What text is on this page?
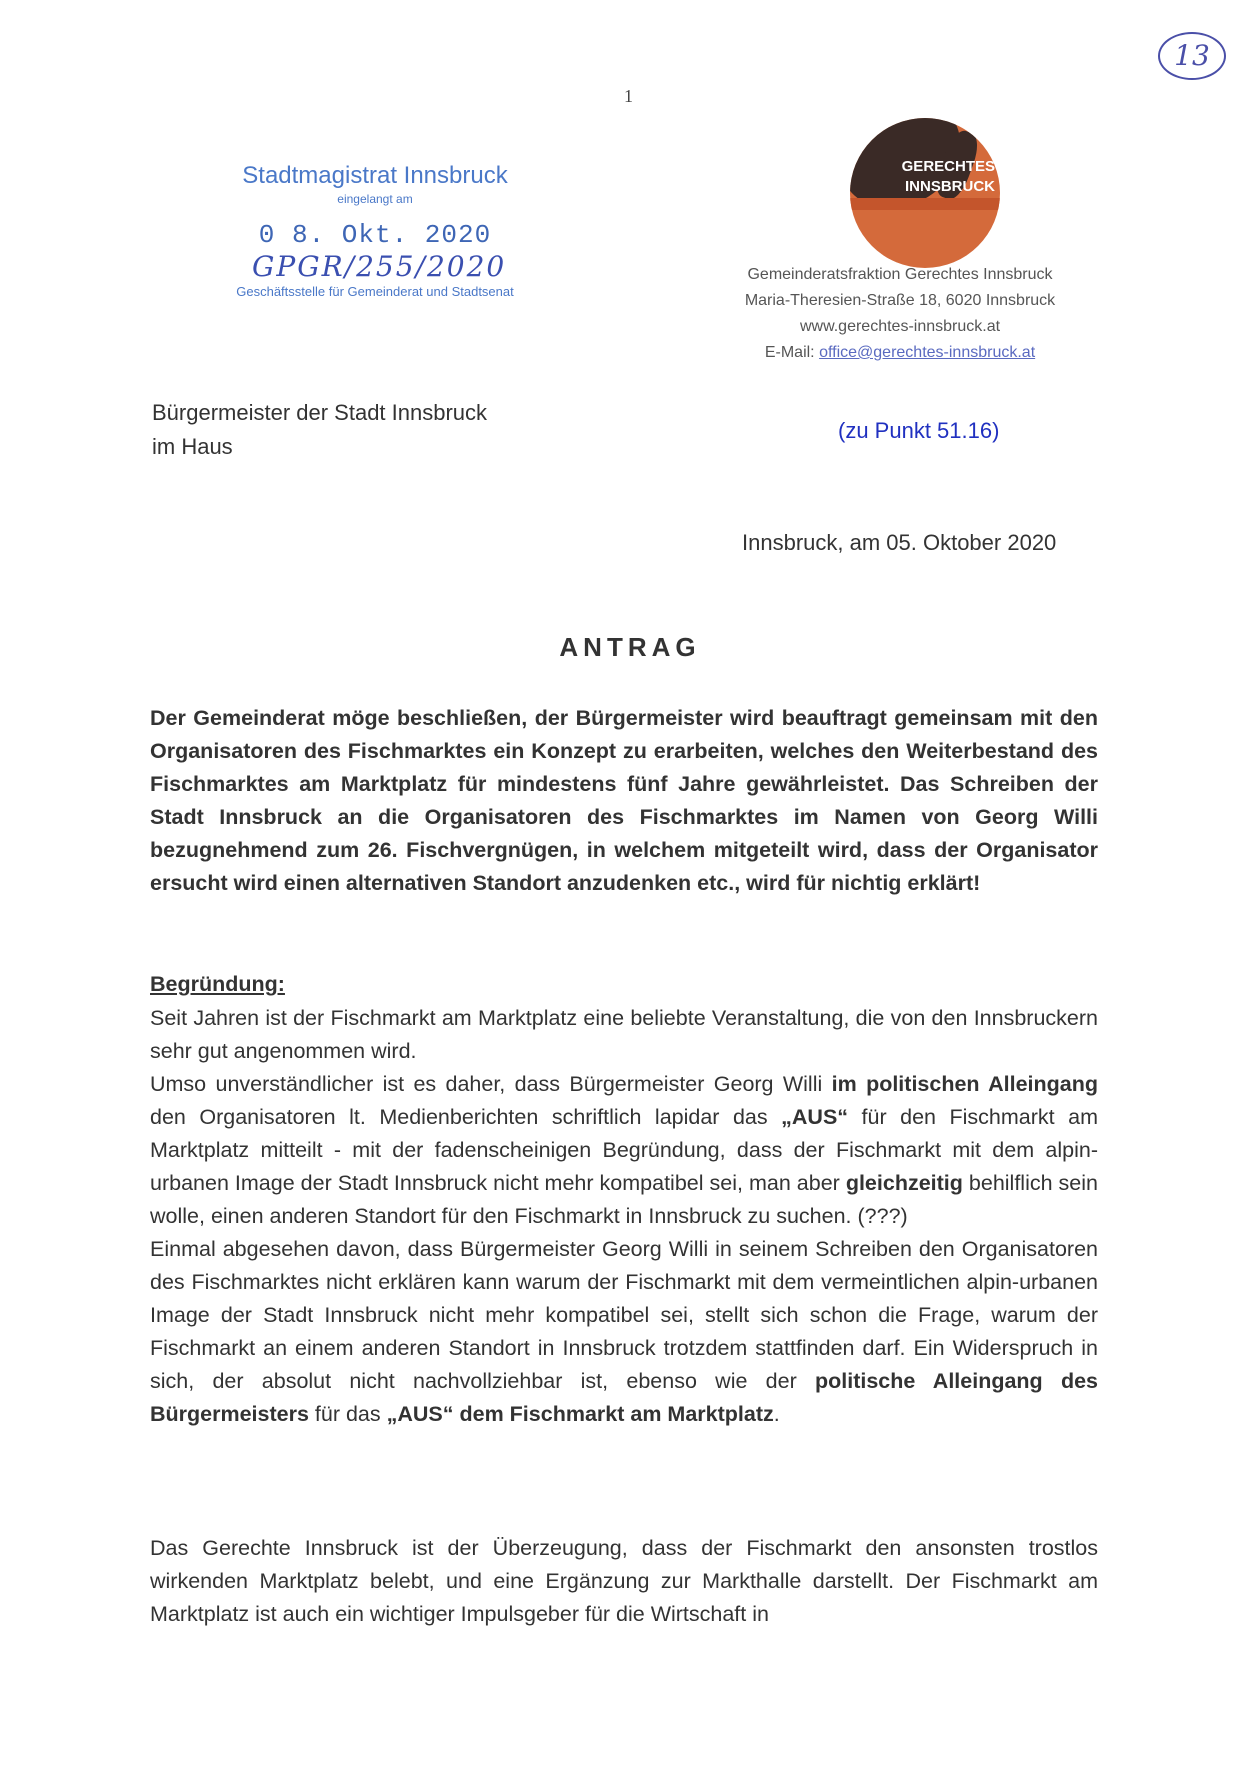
1
13
Stadtmagistrat Innsbruck
eingelangt am
0 8. Okt. 2020
Geschäftsstelle für Gemeinderat und Stadtsenat
GPGR/255/2020
GERECHTES
INNSBRUCK
Gemeinderatsfraktion Gerechtes Innsbruck
Maria-Theresien-Straße 18, 6020 Innsbruck
www.gerechtes-innsbruck.at
E-Mail: office@gerechtes-innsbruck.at
Bürgermeister der Stadt Innsbruck
im Haus
(zu Punkt 51.16)
Innsbruck, am 05. Oktober 2020
ANTRAG
Der Gemeinderat möge beschließen, der Bürgermeister wird beauftragt gemeinsam mit den Organisatoren des Fischmarktes ein Konzept zu erarbeiten, welches den Weiterbestand des Fischmarktes am Marktplatz für mindestens fünf Jahre gewährleistet. Das Schreiben der Stadt Innsbruck an die Organisatoren des Fischmarktes im Namen von Georg Willi bezugnehmend zum 26. Fischvergnügen, in welchem mitgeteilt wird, dass der Organisator ersucht wird einen alternativen Standort anzudenken etc., wird für nichtig erklärt!
Begründung:
Seit Jahren ist der Fischmarkt am Marktplatz eine beliebte Veranstaltung, die von den Innsbruckern sehr gut angenommen wird.
Umso unverständlicher ist es daher, dass Bürgermeister Georg Willi im politischen Alleingang den Organisatoren lt. Medienberichten schriftlich lapidar das „AUS“ für den Fischmarkt am Marktplatz mitteilt - mit der fadenscheinigen Begründung, dass der Fischmarkt mit dem alpin-urbanen Image der Stadt Innsbruck nicht mehr kompatibel sei, man aber gleichzeitig behilflich sein wolle, einen anderen Standort für den Fischmarkt in Innsbruck zu suchen. (???)
Einmal abgesehen davon, dass Bürgermeister Georg Willi in seinem Schreiben den Organisatoren des Fischmarktes nicht erklären kann warum der Fischmarkt mit dem vermeintlichen alpin-urbanen Image der Stadt Innsbruck nicht mehr kompatibel sei, stellt sich schon die Frage, warum der Fischmarkt an einem anderen Standort in Innsbruck trotzdem stattfinden darf. Ein Widerspruch in sich, der absolut nicht nachvollziehbar ist, ebenso wie der politische Alleingang des Bürgermeisters für das „AUS“ dem Fischmarkt am Marktplatz.
Das Gerechte Innsbruck ist der Überzeugung, dass der Fischmarkt den ansonsten trostlos wirkenden Marktplatz belebt, und eine Ergänzung zur Markthalle darstellt. Der Fischmarkt am Marktplatz ist auch ein wichtiger Impulsgeber für die Wirtschaft in
